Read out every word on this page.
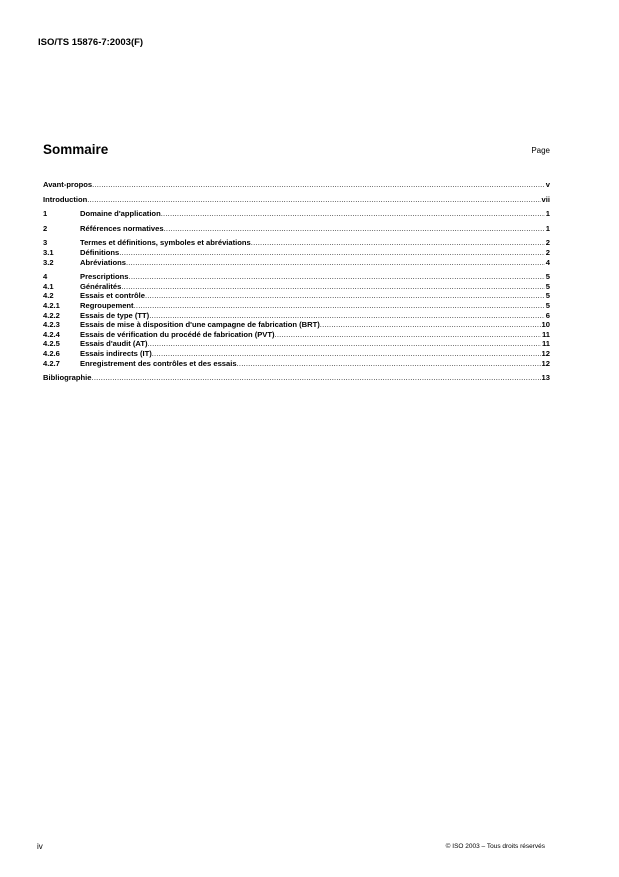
ISO/TS 15876-7:2003(F)
Sommaire	Page
Avant-propos .....	v
Introduction .....	vii
1	Domaine d'application .....	1
2	Références normatives .....	1
3	Termes et définitions, symboles et abréviations .....	2
3.1	Définitions .....	2
3.2	Abréviations .....	4
4	Prescriptions .....	5
4.1	Généralités .....	5
4.2	Essais et contrôle .....	5
4.2.1	Regroupement .....	5
4.2.2	Essais de type (TT) .....	6
4.2.3	Essais de mise à disposition d'une campagne de fabrication (BRT) .....	10
4.2.4	Essais de vérification du procédé de fabrication (PVT) .....	11
4.2.5	Essais d'audit (AT) .....	11
4.2.6	Essais indirects (IT) .....	12
4.2.7	Enregistrement des contrôles et des essais .....	12
Bibliographie .....	13
iv	© ISO 2003 – Tous droits réservés
